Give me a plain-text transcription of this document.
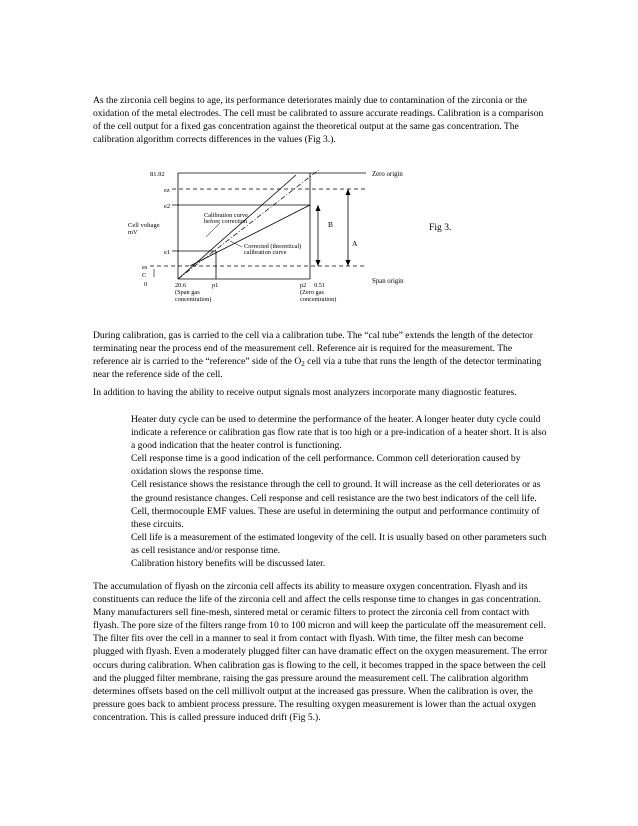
As the zirconia cell begins to age, its performance deteriorates mainly due to contamination of the zirconia or the oxidation of the metal electrodes. The cell must be calibrated to assure accurate readings. Calibration is a comparison of the cell output for a fixed gas concentration against the theoretical output at the same gas concentration. The calibration algorithm corrects differences in the values (Fig 3.).

81.92
ez
e2
Cell voltage
mV
e1
es
C
0
Calibration curve
before correction
Corrected (theoretical)
calibration curve
B
A
Zero origin
Span origin
20.6	p1	p2 0.51
(Span gas
concentration)
(Zero gas
concentration)
Fig 3.

During calibration, gas is carried to the cell via a calibration tube. The “cal tube” extends the length of the detector terminating near the process end of the measurement cell. Reference air is required for the measurement. The reference air is carried to the “reference” side of the $O_2$ cell via a tube that runs the length of the detector terminating near the reference side of the cell.

In addition to having the ability to receive output signals most analyzers incorporate many diagnostic features.

Heater duty cycle can be used to determine the performance of the heater. A longer heater duty cycle could indicate a reference or calibration gas flow rate that is too high or a pre-indication of a heater short. It is also a good indication that the heater control is functioning.
Cell response time is a good indication of the cell performance. Common cell deterioration caused by oxidation slows the response time.
Cell resistance shows the resistance through the cell to ground. It will increase as the cell deteriorates or as the ground resistance changes. Cell response and cell resistance are the two best indicators of the cell life.
Cell, thermocouple EMF values. These are useful in determining the output and performance continuity of these circuits.
Cell life is a measurement of the estimated longevity of the cell. It is usually based on other parameters such as cell resistance and/or response time.
Calibration history benefits will be discussed later.

The accumulation of flyash on the zirconia cell affects its ability to measure oxygen concentration. Flyash and its constituents can reduce the life of the zirconia cell and affect the cells response time to changes in gas concentration. Many manufacturers sell fine-mesh, sintered metal or ceramic filters to protect the zirconia cell from contact with flyash. The pore size of the filters range from 10 to 100 micron and will keep the particulate off the measurement cell. The filter fits over the cell in a manner to seal it from contact with flyash. With time, the filter mesh can become plugged with flyash. Even a moderately plugged filter can have dramatic effect on the oxygen measurement. The error occurs during calibration. When calibration gas is flowing to the cell, it becomes trapped in the space between the cell and the plugged filter membrane, raising the gas pressure around the measurement cell. The calibration algorithm determines offsets based on the cell millivolt output at the increased gas pressure. When the calibration is over, the pressure goes back to ambient process pressure. The resulting oxygen measurement is lower than the actual oxygen concentration. This is called pressure induced drift (Fig 5.).
